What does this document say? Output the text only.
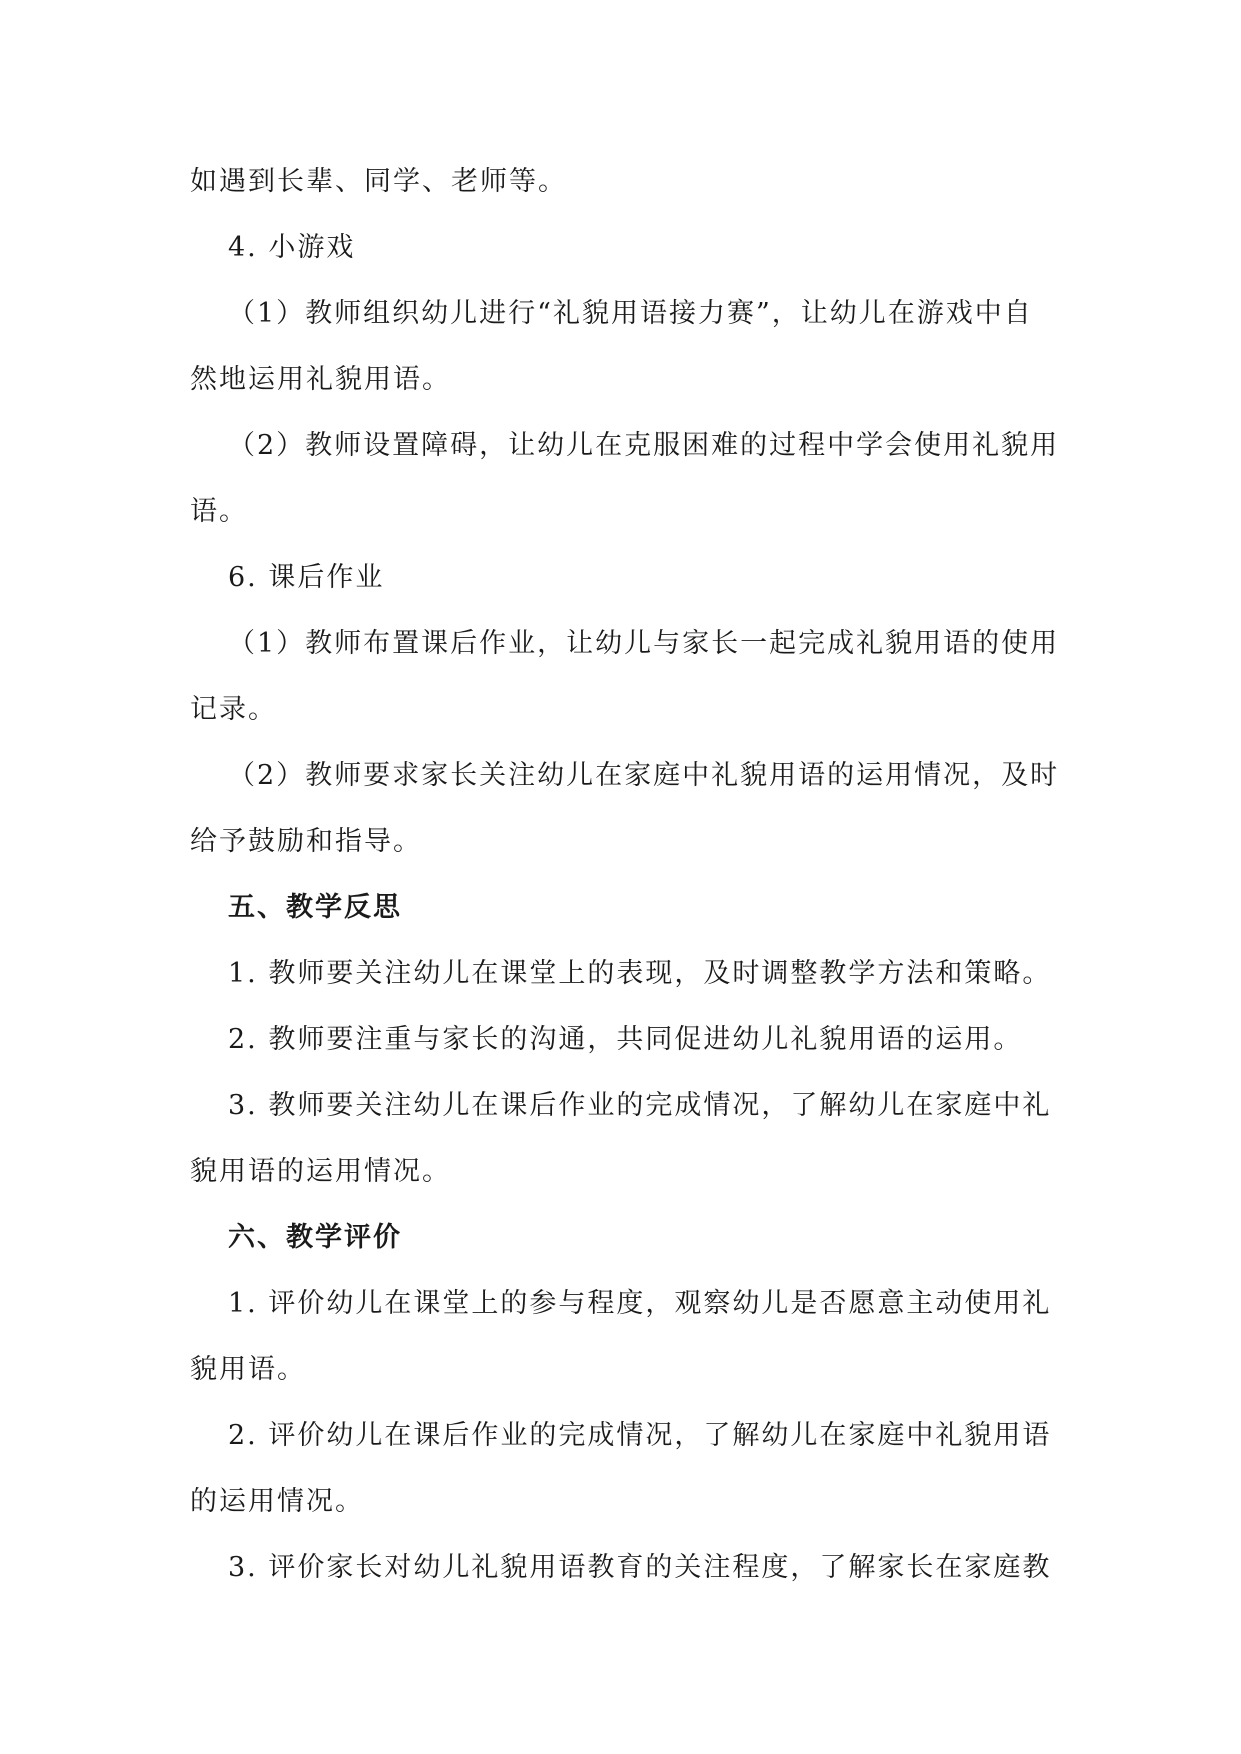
如遇到长辈、同学、老师等。
4. 小游戏
（1）教师组织幼儿进行“礼貌用语接力赛”，让幼儿在游戏中自
然地运用礼貌用语。
（2）教师设置障碍，让幼儿在克服困难的过程中学会使用礼貌用
语。
6. 课后作业
（1）教师布置课后作业，让幼儿与家长一起完成礼貌用语的使用
记录。
（2）教师要求家长关注幼儿在家庭中礼貌用语的运用情况，及时
给予鼓励和指导。
五、教学反思
1. 教师要关注幼儿在课堂上的表现，及时调整教学方法和策略。
2. 教师要注重与家长的沟通，共同促进幼儿礼貌用语的运用。
3. 教师要关注幼儿在课后作业的完成情况，了解幼儿在家庭中礼
貌用语的运用情况。
六、教学评价
1. 评价幼儿在课堂上的参与程度，观察幼儿是否愿意主动使用礼
貌用语。
2. 评价幼儿在课后作业的完成情况，了解幼儿在家庭中礼貌用语
的运用情况。
3. 评价家长对幼儿礼貌用语教育的关注程度，了解家长在家庭教
